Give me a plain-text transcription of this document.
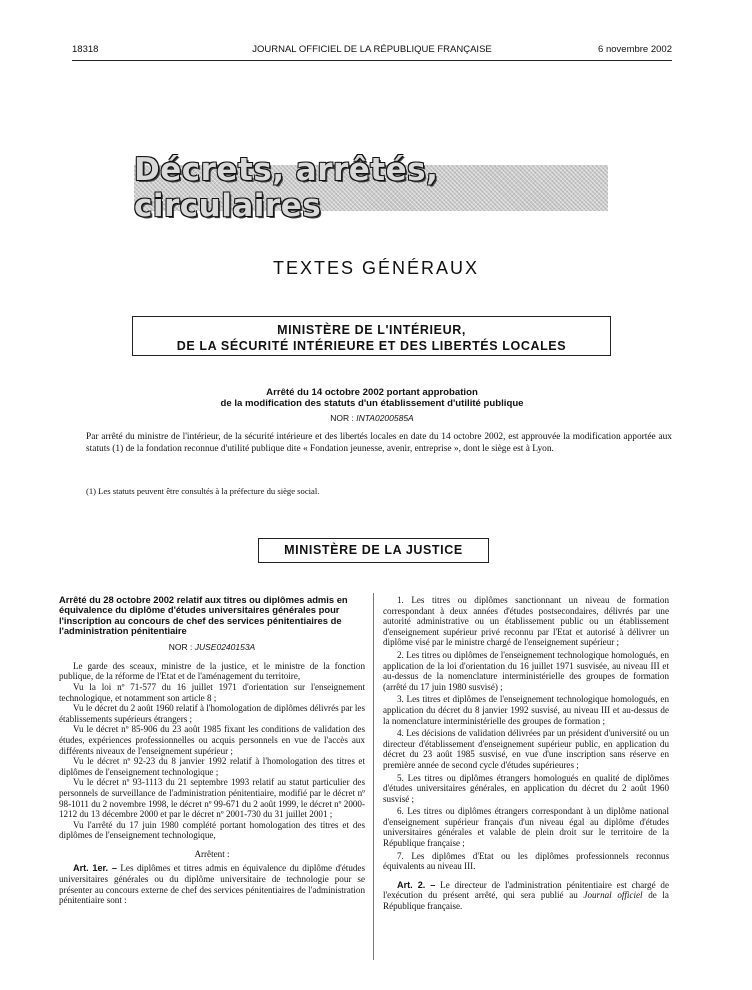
18318	JOURNAL OFFICIEL DE LA RÉPUBLIQUE FRANÇAISE	6 novembre 2002
Décrets, arrêtés, circulaires
TEXTES GÉNÉRAUX
MINISTÈRE DE L'INTÉRIEUR,
DE LA SÉCURITÉ INTÉRIEURE ET DES LIBERTÉS LOCALES
Arrêté du 14 octobre 2002 portant approbation
de la modification des statuts d'un établissement d'utilité publique
NOR : INTA0200585A

Par arrêté du ministre de l'intérieur, de la sécurité intérieure et des libertés locales en date du 14 octobre 2002, est approuvée la modification apportée aux statuts (1) de la fondation reconnue d'utilité publique dite « Fondation jeunesse, avenir, entreprise », dont le siège est à Lyon.

(1) Les statuts peuvent être consultés à la préfecture du siège social.

MINISTÈRE DE LA JUSTICE
Arrêté du 28 octobre 2002 relatif aux titres ou diplômes admis en équivalence du diplôme d'études universitaires générales pour l'inscription au concours de chef des services pénitentiaires de l'administration pénitentiaire
NOR : JUSE0240153A

Le garde des sceaux, ministre de la justice, et le ministre de la fonction publique, de la réforme de l'Etat et de l'aménagement du territoire,

Vu la loi nº 71-577 du 16 juillet 1971 d'orientation sur l'enseignement technologique, et notamment son article 8 ;

Vu le décret du 2 août 1960 relatif à l'homologation de diplômes délivrés par les établissements supérieurs étrangers ;

Vu le décret nº 85-906 du 23 août 1985 fixant les conditions de validation des études, expériences professionnelles ou acquis personnels en vue de l'accès aux différents niveaux de l'enseignement supérieur ;

Vu le décret nº 92-23 du 8 janvier 1992 relatif à l'homologation des titres et diplômes de l'enseignement technologique ;

Vu le décret nº 93-1113 du 21 septembre 1993 relatif au statut particulier des personnels de surveillance de l'administration pénitentiaire, modifié par le décret nº 98-1011 du 2 novembre 1998, le décret nº 99-671 du 2 août 1999, le décret nº 2000-1212 du 13 décembre 2000 et par le décret nº 2001-730 du 31 juillet 2001 ;

Vu l'arrêté du 17 juin 1980 complété portant homologation des titres et des diplômes de l'enseignement technologique,

Arrêtent :

Art. 1er. – Les diplômes et titres admis en équivalence du diplôme d'études universitaires générales ou du diplôme universitaire de technologie pour se présenter au concours externe de chef des services pénitentiaires de l'administration pénitentiaire sont :

1. Les titres ou diplômes sanctionnant un niveau de formation correspondant à deux années d'études postsecondaires, délivrés par une autorité administrative ou un établissement public ou un établissement d'enseignement supérieur privé reconnu par l'Etat et autorisé à délivrer un diplôme visé par le ministre chargé de l'enseignement supérieur ;

2. Les titres ou diplômes de l'enseignement technologique homologués, en application de la loi d'orientation du 16 juillet 1971 susvisée, au niveau III et au-dessus de la nomenclature interministérielle des groupes de formation (arrêté du 17 juin 1980 susvisé) ;

3. Les titres et diplômes de l'enseignement technologique homologués, en application du décret du 8 janvier 1992 susvisé, au niveau III et au-dessus de la nomenclature interministérielle des groupes de formation ;

4. Les décisions de validation délivrées par un président d'université ou un directeur d'établissement d'enseignement supérieur public, en application du décret du 23 août 1985 susvisé, en vue d'une inscription sans réserve en première année de second cycle d'études supérieures ;

5. Les titres ou diplômes étrangers homologués en qualité de diplômes d'études universitaires générales, en application du décret du 2 août 1960 susvisé ;

6. Les titres ou diplômes étrangers correspondant à un diplôme national d'enseignement supérieur français d'un niveau égal au diplôme d'études universitaires générales et valable de plein droit sur le territoire de la République française ;

7. Les diplômes d'Etat ou les diplômes professionnels reconnus équivalents au niveau III.

Art. 2. – Le directeur de l'administration pénitentiaire est chargé de l'exécution du présent arrêté, qui sera publié au Journal officiel de la République française.
